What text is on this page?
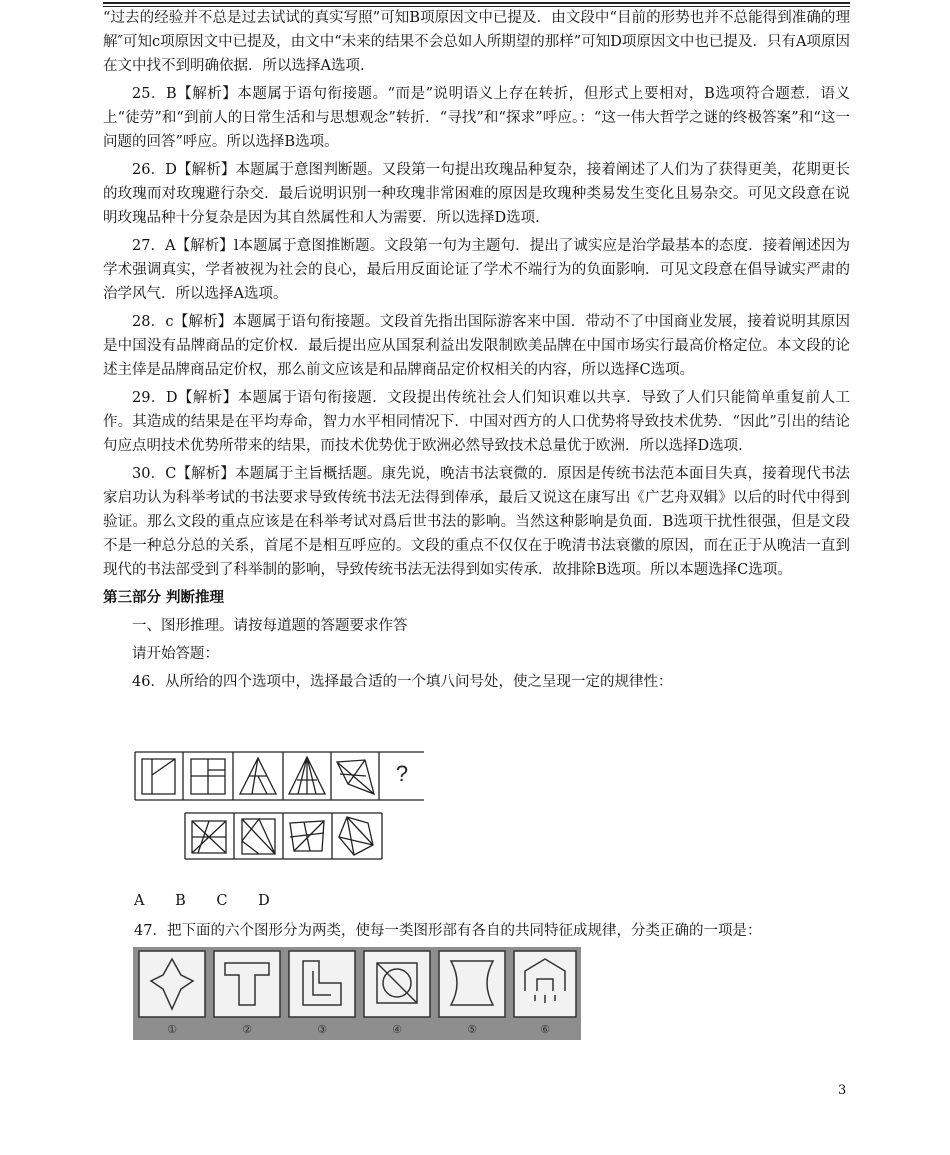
“过去的经验并不总是过去试试的真实写照”可知B项原因文中已提及．由文段中“目前的形势也并不总能得到准确的理解″可知c项原因文中已提及，由文中“未来的结果不会总如人所期望的那样”可知D项原因文中也已提及．只有A项原因在文中找不到明确依据．所以选择A选项.

25．B【解析】本题属于语句衔接题。“而是”说明语义上存在转折，但形式上要相对，B选项符合题惹．语义上“徒劳”和“到前人的日常生活和与思想观念”转折．“寻找”和“探求”呼应。：“这一伟大哲学之谜的终极答案”和“这一问题的回答”呼应。所以选择B选项。

26．D【解析】本题属于意图判断题。又段第一句提出玫瑰品种复杂，接着阐述了人们为了获得更美，花期更长的玫瑰而对玫瑰避行杂交．最后说明识别一种玫瑰非常困难的原因是玫瑰种类易发生变化且易杂交。可见文段意在说明玫瑰品种十分复杂是因为其自然属性和人为需要．所以选择D选项.

27．A【解析】l本题属于意图推断题。文段第一句为主题句．提出了诚实应是治学最基本的态度．接着阐述因为学术强调真实，学者被视为社会的良心，最后用反面论证了学术不端行为的负面影响．可见文段意在倡导诚实严肃的治学风气．所以选择A选项。

28．c【解析】本题属于语句衔接题。文段首先指出国际游客来中国．带动不了中国商业发展，接着说明其原因是中国没有品牌商品的定价权．最后提出应从国泵利益出发限制欧美品牌在中国市场实行最高价格定位。本文段的论述主倖是品牌商品定价权，那么前文应该是和品牌商品定价权相关的内容，所以选择C选项。

29．D【解析】本题属于语句衔接题．文段提出传统社会人们知识难以共享．导致了人们只能简单重复前人工作。其造成的结果是在平均寿命，智力水平相同情况下．中国对西方的人口优势将导致技术优势．“因此”引出的结论句应点明技术优势所带来的结果，而技术优势优于欧洲必然导致技术总量优于欧洲．所以选择D选项.

30．C【解析】本题属于主旨概括题。康先说，晚洁书法衰微的．原因是传统书法范本面目失真，接着现代书法家启功认为科举考试的书法要求导致传统书法无法得到俸承，最后又说这在康写出《广艺舟双辑》以后的时代中得到验证。那么文段的重点应该是在科举考试对爲后世书法的影响。当然这种影响是负面．B选项干扰性很强，但是文段不是一种总分总的关系，首尾不是相互呼应的。文段的重点不仅仅在于晚清书法衰徽的原因，而在正于从晚洁一直到现代的书法部受到了科举制的影响，导致传统书法无法得到如实传承．故排除B选项。所以本题选择C选项。

第三部分 判断推理

一、图形推理。请按每道题的答题要求作答

请开始答题：

46．从所给的四个选项中，选择最合适的一个填八问号处，使之呈现一定的规律性：

?
A B C D
47．把下面的六个图形分为两类，使每一类图形部有各自的共同特征成规律，分类正确的一项是：
①	②	③	④	⑤	⑥
3
